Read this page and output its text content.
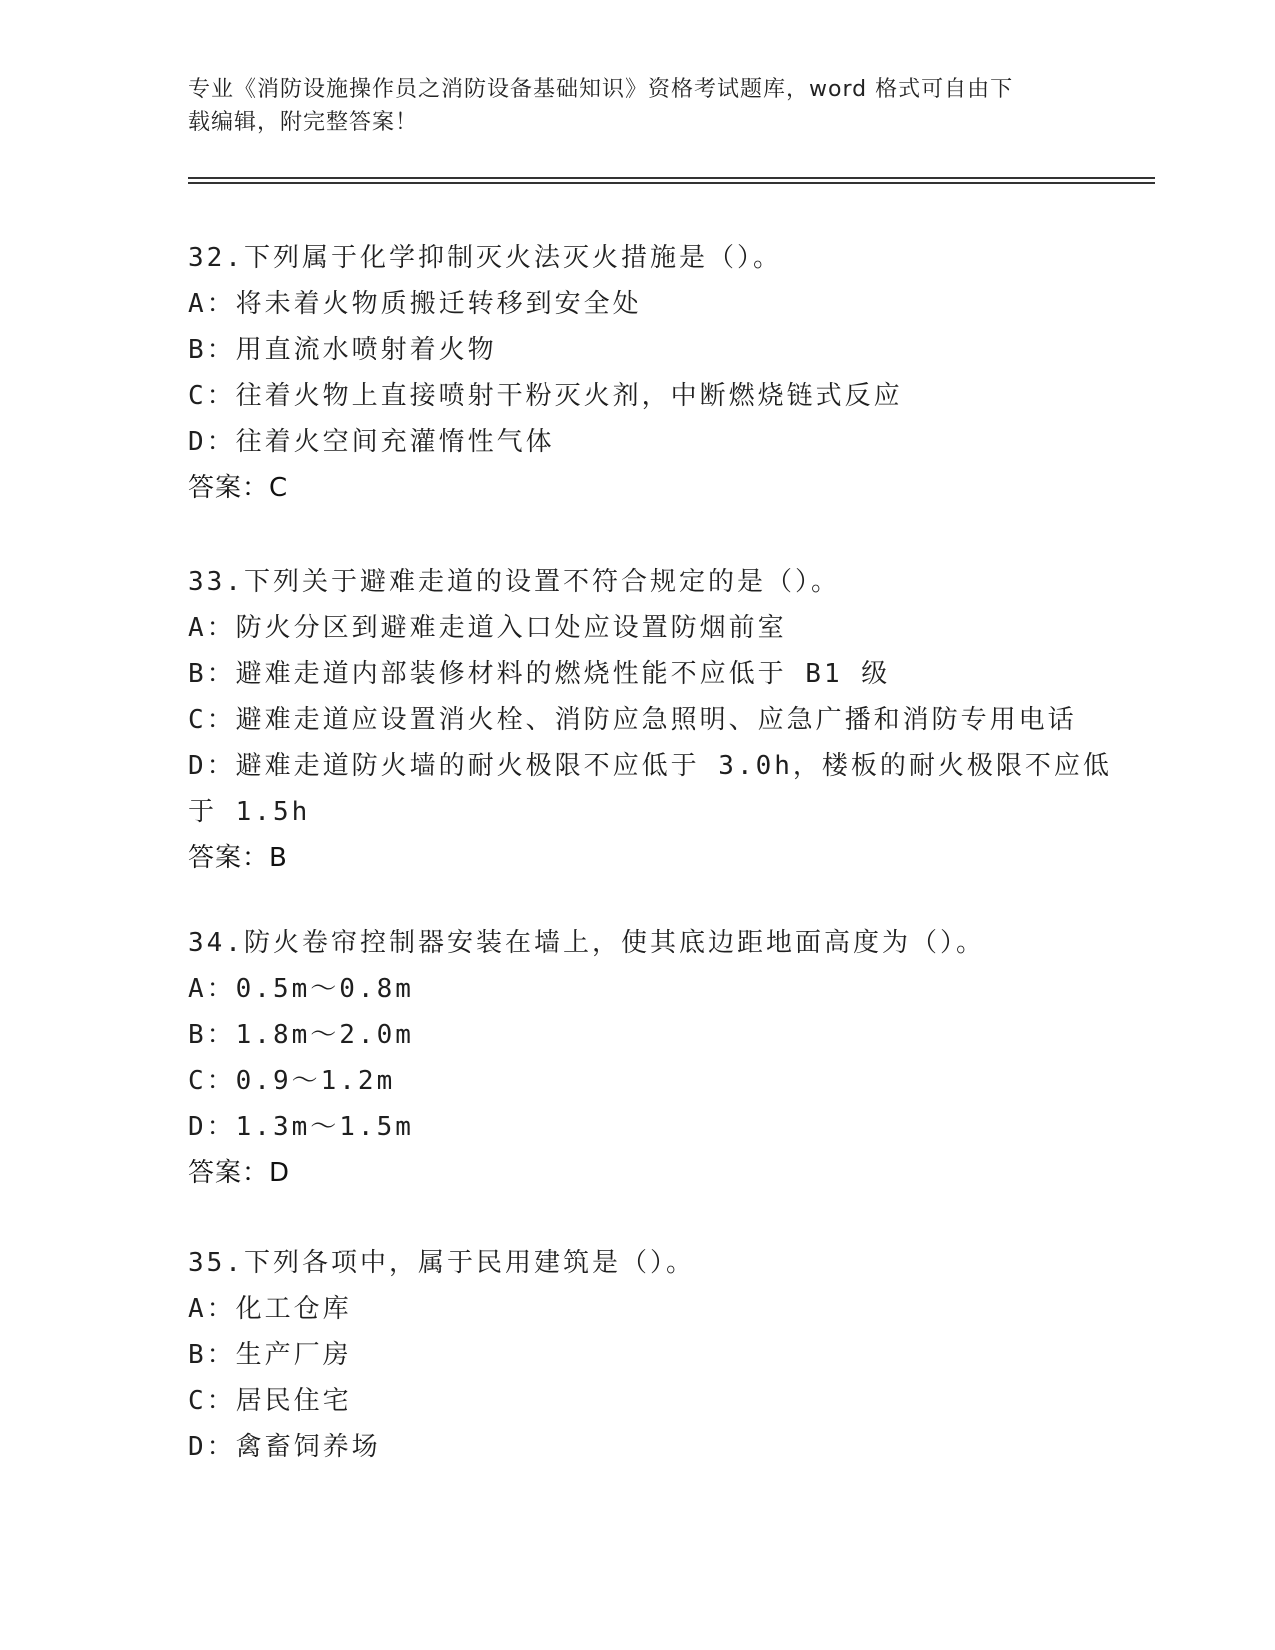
专业《消防设施操作员之消防设备基础知识》资格考试题库，word 格式可自由下
载编辑，附完整答案！
32.下列属于化学抑制灭火法灭火措施是（）。
A：将未着火物质搬迁转移到安全处
B：用直流水喷射着火物
C：往着火物上直接喷射干粉灭火剂，中断燃烧链式反应
D：往着火空间充灌惰性气体
答案：C
33.下列关于避难走道的设置不符合规定的是（）。
A：防火分区到避难走道入口处应设置防烟前室
B：避难走道内部装修材料的燃烧性能不应低于 B1 级
C：避难走道应设置消火栓、消防应急照明、应急广播和消防专用电话
D：避难走道防火墙的耐火极限不应低于 3.0h，楼板的耐火极限不应低
于 1.5h
答案：B
34.防火卷帘控制器安装在墙上，使其底边距地面高度为（）。
A：0.5m～0.8m
B：1.8m～2.0m
C：0.9～1.2m
D：1.3m～1.5m
答案：D
35.下列各项中，属于民用建筑是（）。
A：化工仓库
B：生产厂房
C：居民住宅
D：禽畜饲养场
